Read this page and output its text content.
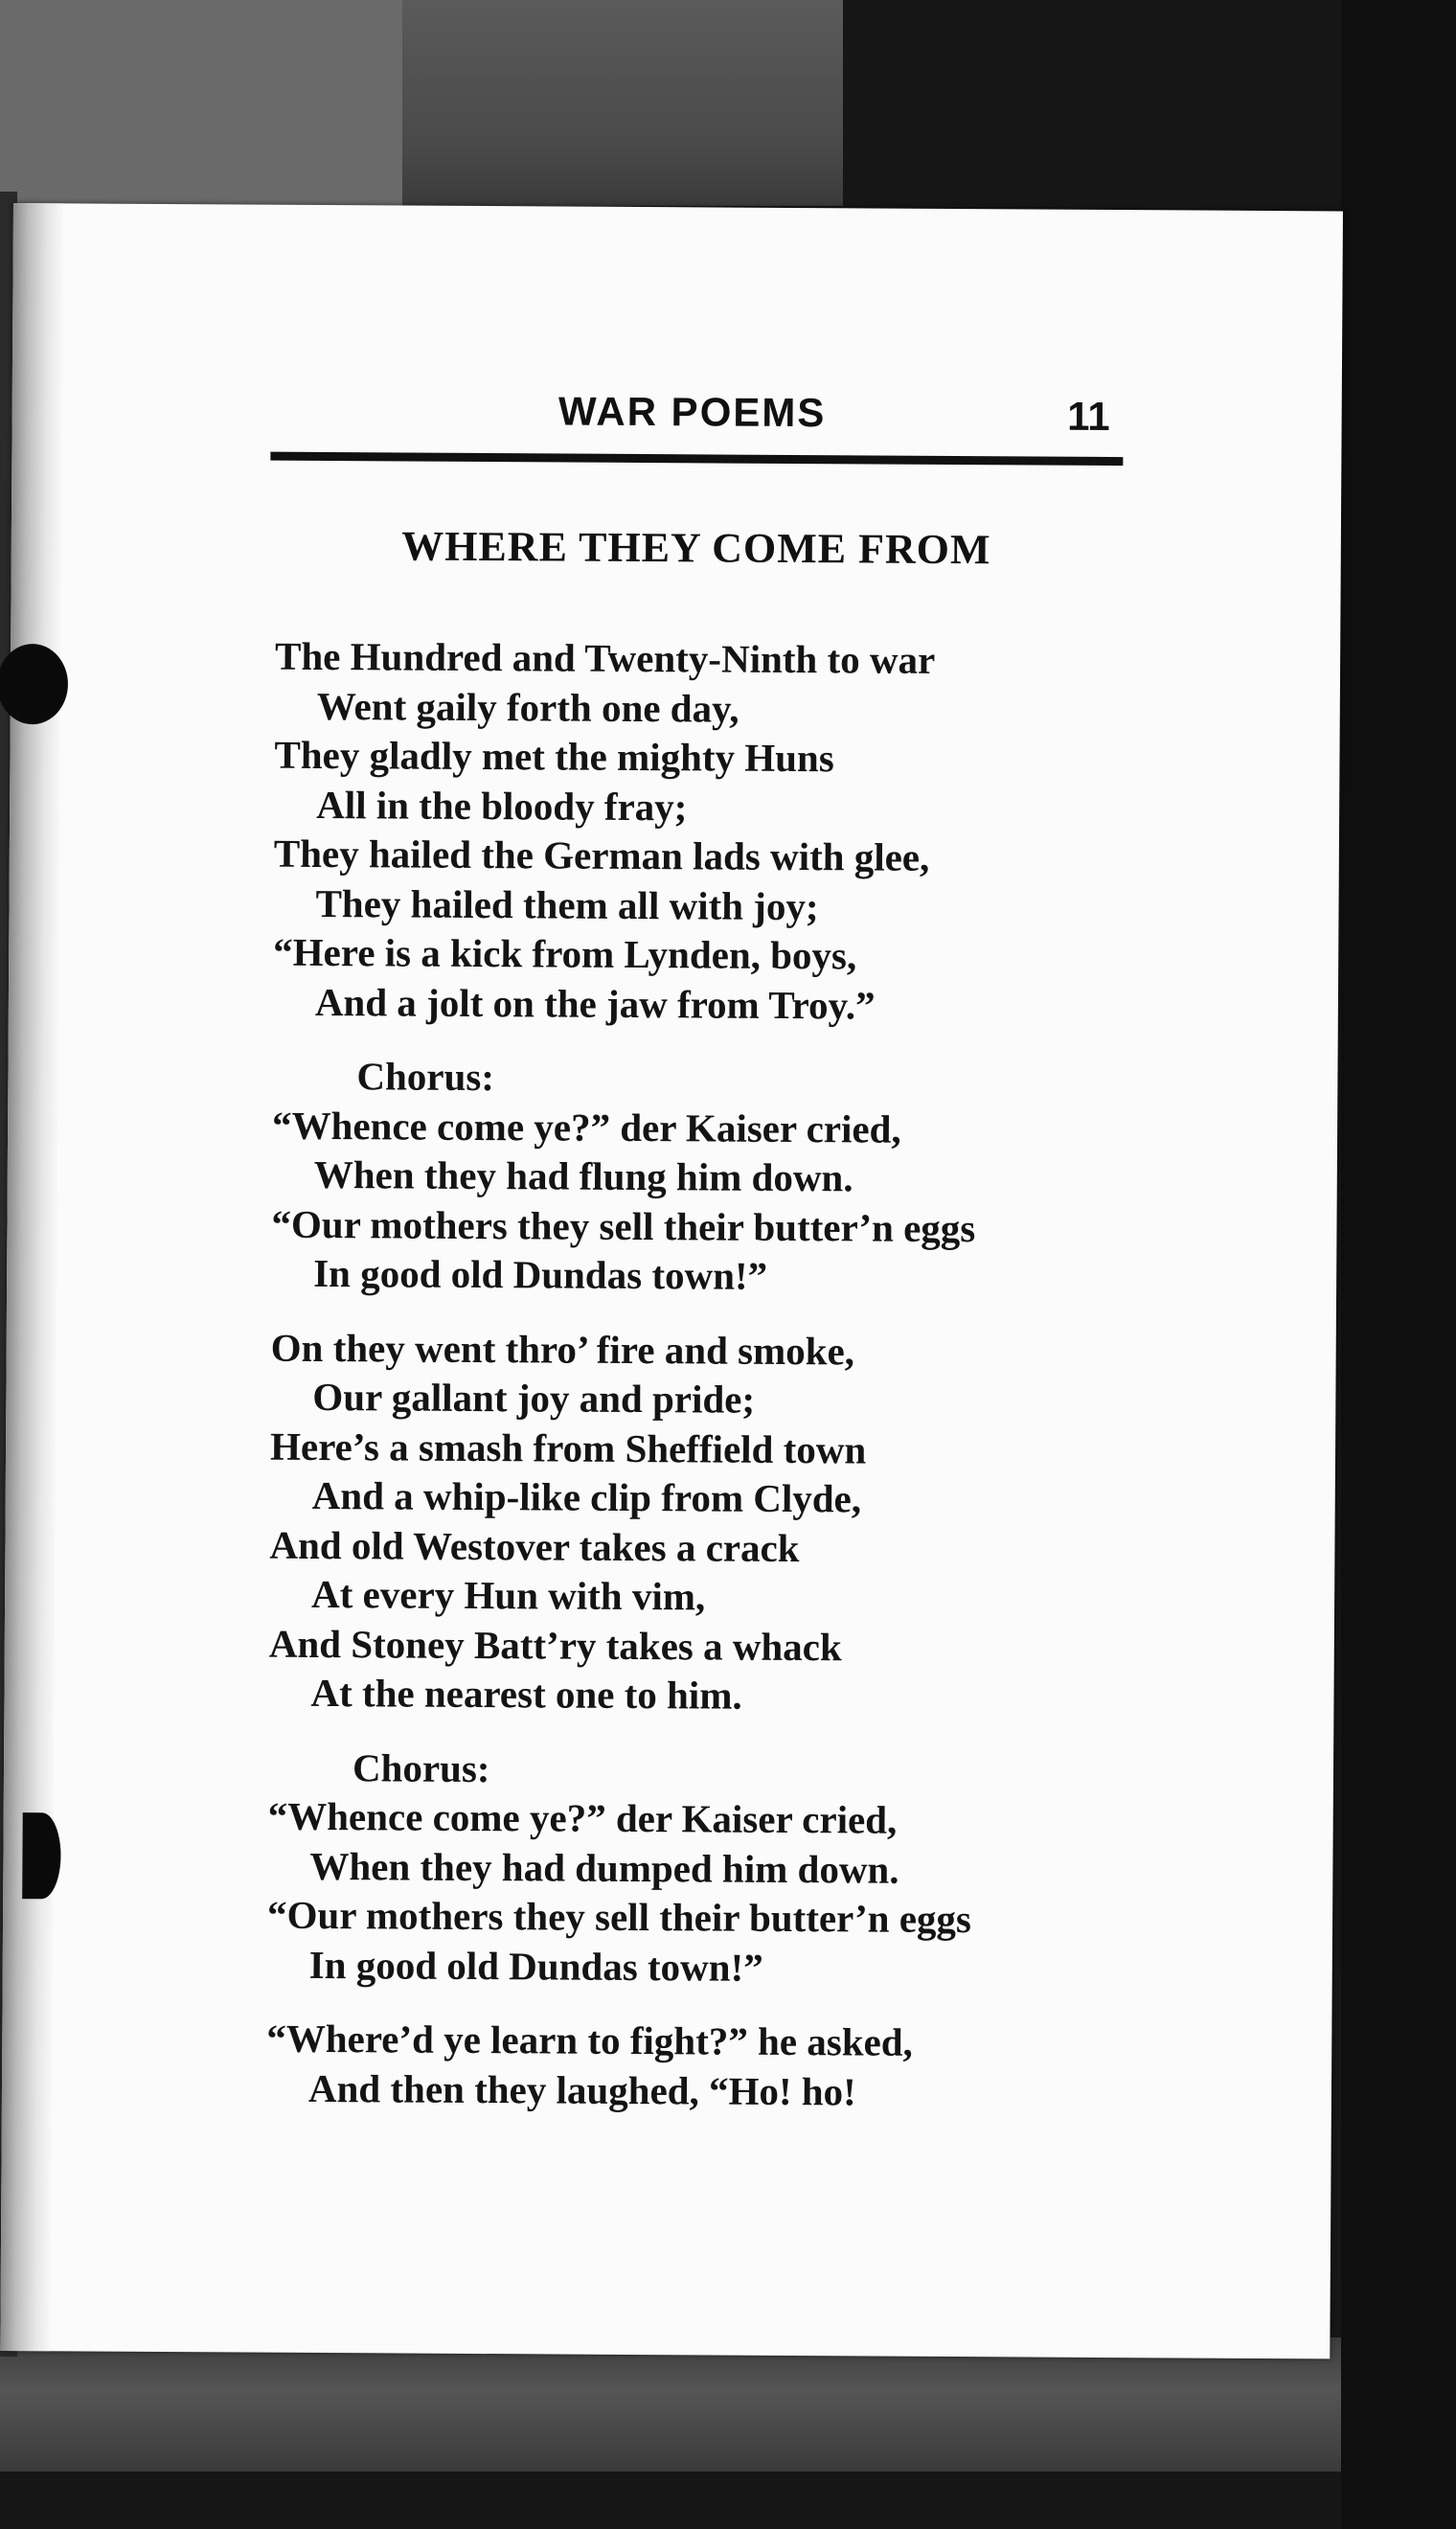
WAR POEMS	11
WHERE THEY COME FROM
The Hundred and Twenty-Ninth to war
Went gaily forth one day,
They gladly met the mighty Huns
All in the bloody fray;
They hailed the German lads with glee,
They hailed them all with joy;
“Here is a kick from Lynden, boys,
And a jolt on the jaw from Troy.”
Chorus:
“Whence come ye?” der Kaiser cried,
When they had flung him down.
“Our mothers they sell their butter’n eggs
In good old Dundas town!”
On they went thro’ fire and smoke,
Our gallant joy and pride;
Here’s a smash from Sheffield town
And a whip-like clip from Clyde,
And old Westover takes a crack
At every Hun with vim,
And Stoney Batt’ry takes a whack
At the nearest one to him.
Chorus:
“Whence come ye?” der Kaiser cried,
When they had dumped him down.
“Our mothers they sell their butter’n eggs
In good old Dundas town!”
“Where’d ye learn to fight?” he asked,
And then they laughed, “Ho! ho!
